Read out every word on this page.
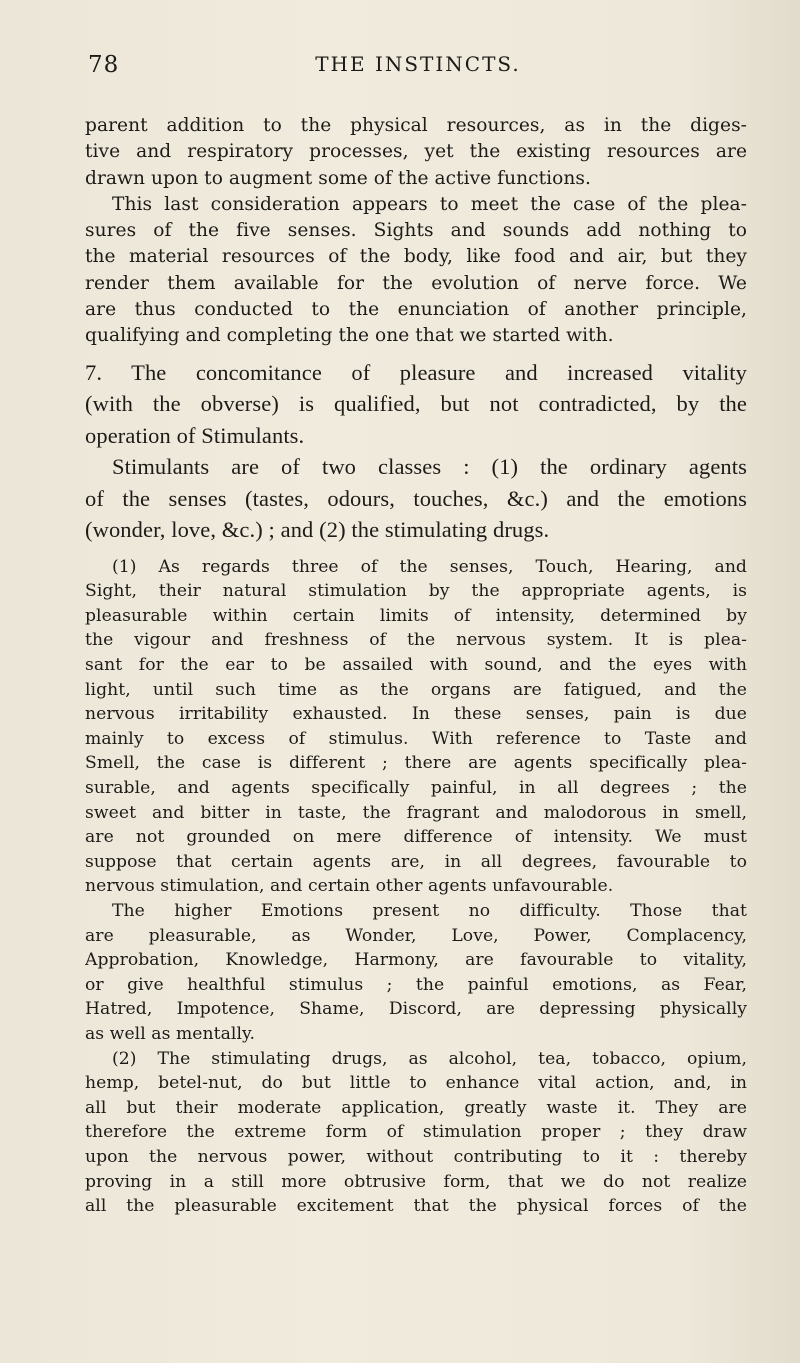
78	THE INSTINCTS.
parent addition to the physical resources, as in the diges-
tive and respiratory processes, yet the existing resources are
drawn upon to augment some of the active functions.
This last consideration appears to meet the case of the plea-
sures of the five senses. Sights and sounds add nothing to
the material resources of the body, like food and air, but they
render them available for the evolution of nerve force. We
are thus conducted to the enunciation of another principle,
qualifying and completing the one that we started with.
7. The concomitance of pleasure and increased vitality
(with the obverse) is qualified, but not contradicted, by the
operation of Stimulants.
Stimulants are of two classes : (1) the ordinary agents
of the senses (tastes, odours, touches, &c.) and the emotions
(wonder, love, &c.) ; and (2) the stimulating drugs.
(1) As regards three of the senses, Touch, Hearing, and
Sight, their natural stimulation by the appropriate agents, is
pleasurable within certain limits of intensity, determined by
the vigour and freshness of the nervous system. It is plea-
sant for the ear to be assailed with sound, and the eyes with
light, until such time as the organs are fatigued, and the
nervous irritability exhausted. In these senses, pain is due
mainly to excess of stimulus. With reference to Taste and
Smell, the case is different ; there are agents specifically plea-
surable, and agents specifically painful, in all degrees ; the
sweet and bitter in taste, the fragrant and malodorous in smell,
are not grounded on mere difference of intensity. We must
suppose that certain agents are, in all degrees, favourable to
nervous stimulation, and certain other agents unfavourable.
The higher Emotions present no difficulty. Those that
are pleasurable, as Wonder, Love, Power, Complacency,
Approbation, Knowledge, Harmony, are favourable to vitality,
or give healthful stimulus ; the painful emotions, as Fear,
Hatred, Impotence, Shame, Discord, are depressing physically
as well as mentally.
(2) The stimulating drugs, as alcohol, tea, tobacco, opium,
hemp, betel-nut, do but little to enhance vital action, and, in
all but their moderate application, greatly waste it. They are
therefore the extreme form of stimulation proper ; they draw
upon the nervous power, without contributing to it : thereby
proving in a still more obtrusive form, that we do not realize
all the pleasurable excitement that the physical forces of the
